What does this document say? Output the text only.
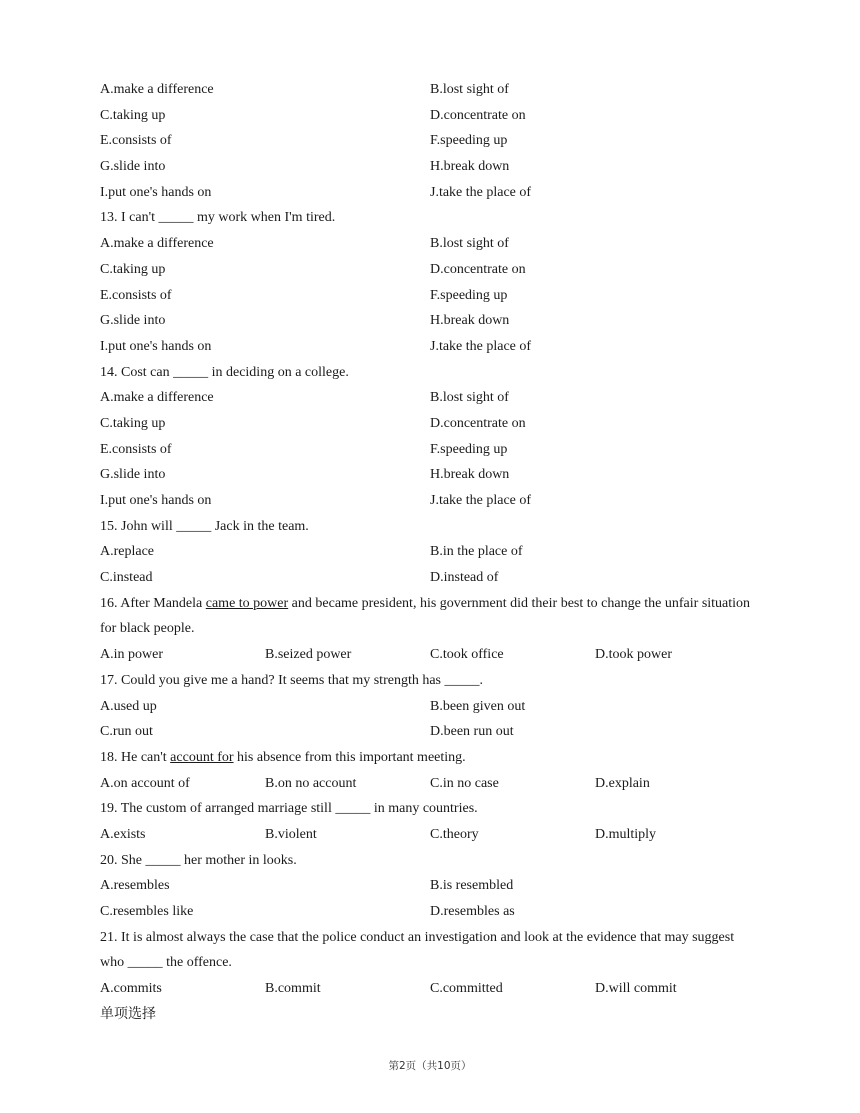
A.make a difference	B.lost sight of
C.taking up	D.concentrate on
E.consists of	F.speeding up
G.slide into	H.break down
I.put one's hands on	J.take the place of
13. I can't _____ my work when I'm tired.
A.make a difference	B.lost sight of
C.taking up	D.concentrate on
E.consists of	F.speeding up
G.slide into	H.break down
I.put one's hands on	J.take the place of
14. Cost can _____ in deciding on a college.
A.make a difference	B.lost sight of
C.taking up	D.concentrate on
E.consists of	F.speeding up
G.slide into	H.break down
I.put one's hands on	J.take the place of
15. John will _____ Jack in the team.
A.replace	B.in the place of
C.instead	D.instead of
16. After Mandela came to power and became president, his government did their best to change the unfair situation for black people.
A.in power	B.seized power	C.took office	D.took power
17. Could you give me a hand? It seems that my strength has _____.
A.used up	B.been given out
C.run out	D.been run out
18. He can't account for his absence from this important meeting.
A.on account of	B.on no account	C.in no case	D.explain
19. The custom of arranged marriage still _____ in many countries.
A.exists	B.violent	C.theory	D.multiply
20. She _____ her mother in looks.
A.resembles	B.is resembled
C.resembles like	D.resembles as
21. It is almost always the case that the police conduct an investigation and look at the evidence that may suggest who _____ the offence.
A.commits	B.commit	C.committed	D.will commit
单项选择
第2页（共10页）
